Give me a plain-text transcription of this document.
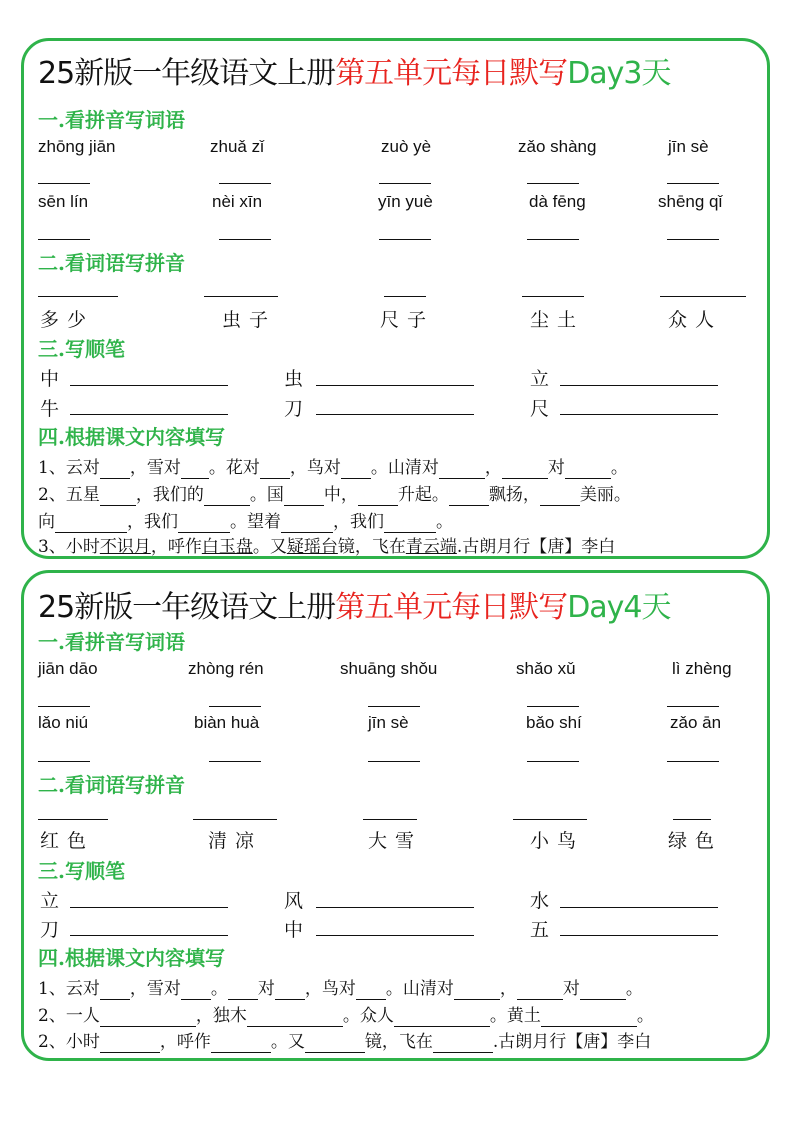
25新版一年级语文上册第五单元每日默写Day3天
一.看拼音写词语
zhōng jiān	zhuǎ zǐ	zuò yè	zǎo shàng	jīn sè
sēn lín	nèi xīn	yīn yuè	dà fēng	shēng qǐ
二.看词语写拼音
多少	虫子	尺子	尘土	众人
三.写顺笔
中	虫	立
牛	刀	尺
四.根据课文内容填写
1、云对 ，雪对 。花对 ，鸟对 。山清对	，	对	。
2、五星 ，我们的	。国 中， 升起。 飘扬， 美丽。
向	，我们	。望着	，我们	。
3、小时不识月，呼作白玉盘。又疑瑶台镜，飞在青云端.古朗月行【唐】李白
25新版一年级语文上册第五单元每日默写Day4天
一.看拼音写词语
jiān dāo	zhòng rén	shuāng shǒu	shǎo xǔ	lì zhèng
lǎo niú	biàn huà	jīn sè	bǎo shí	zǎo ān
二.看词语写拼音
红色	清凉	大雪	小鸟	绿色
三.写顺笔
立	风	水
刀	中	五
四.根据课文内容填写
1、云对 ，雪对 。 对 ，鸟对 。山清对	，	对	。
2、一人	，独木	。众人	。黄土	。
2、小时	，呼作	。又	镜，飞在	.古朗月行【唐】李白
